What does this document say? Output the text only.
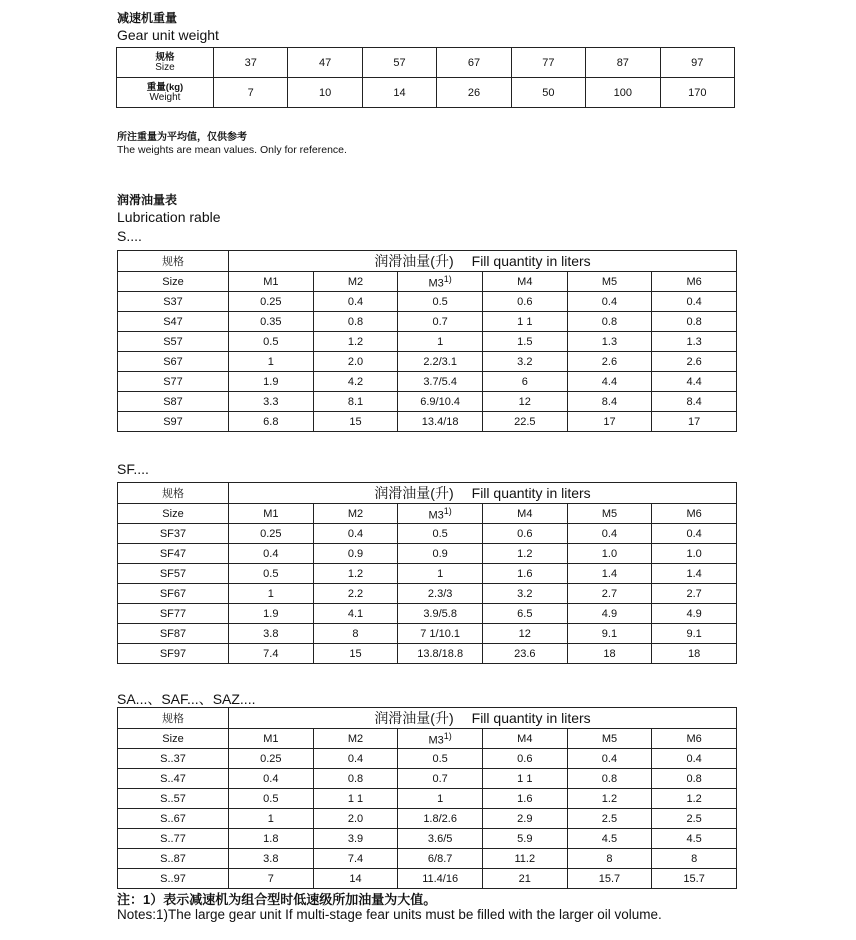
减速机重量
Gear unit weight
规格
Size	37	47	57	67	77	87	97

重量(kg)
Weight	7	10	14	26	50	100	170
所注重量为平均值，仅供参考
The weights are mean values. Only for reference.
润滑油量表
Lubrication rable
S....
SF....
SA...、SAF...、SAZ....
规格	润滑油量(升) Fill quantity in liters					
Size	M1	M2	M3$^{1)}$	M4	M5	M6
S37	0.25	0.4	0.5	0.6	0.4	0.4
S47	0.35	0.8	0.7	1 1	0.8	0.8
S57	0.5	1.2	1	1.5	1.3	1.3
S67	1	2.0	2.2/3.1	3.2	2.6	2.6
S77	1.9	4.2	3.7/5.4	6	4.4	4.4
S87	3.3	8.1	6.9/10.4	12	8.4	8.4
S97	6.8	15	13.4/18	22.5	17	17
规格	润滑油量(升) Fill quantity in liters					
Size	M1	M2	M3$^{1)}$	M4	M5	M6
SF37	0.25	0.4	0.5	0.6	0.4	0.4
SF47	0.4	0.9	0.9	1.2	1.0	1.0
SF57	0.5	1.2	1	1.6	1.4	1.4
SF67	1	2.2	2.3/3	3.2	2.7	2.7
SF77	1.9	4.1	3.9/5.8	6.5	4.9	4.9
SF87	3.8	8	7 1/10.1	12	9.1	9.1
SF97	7.4	15	13.8/18.8	23.6	18	18
规格	润滑油量(升) Fill quantity in liters					
Size	M1	M2	M3$^{1)}$	M4	M5	M6
S..37	0.25	0.4	0.5	0.6	0.4	0.4
S..47	0.4	0.8	0.7	1 1	0.8	0.8
S..57	0.5	1 1	1	1.6	1.2	1.2
S..67	1	2.0	1.8/2.6	2.9	2.5	2.5
S..77	1.8	3.9	3.6/5	5.9	4.5	4.5
S..87	3.8	7.4	6/8.7	11.2	8	8
S..97	7	14	11.4/16	21	15.7	15.7
注：1）表示减速机为组合型时低速级所加油量为大值。
Notes:1)The large gear unit If multi-stage fear units must be filled with the larger oil volume.
